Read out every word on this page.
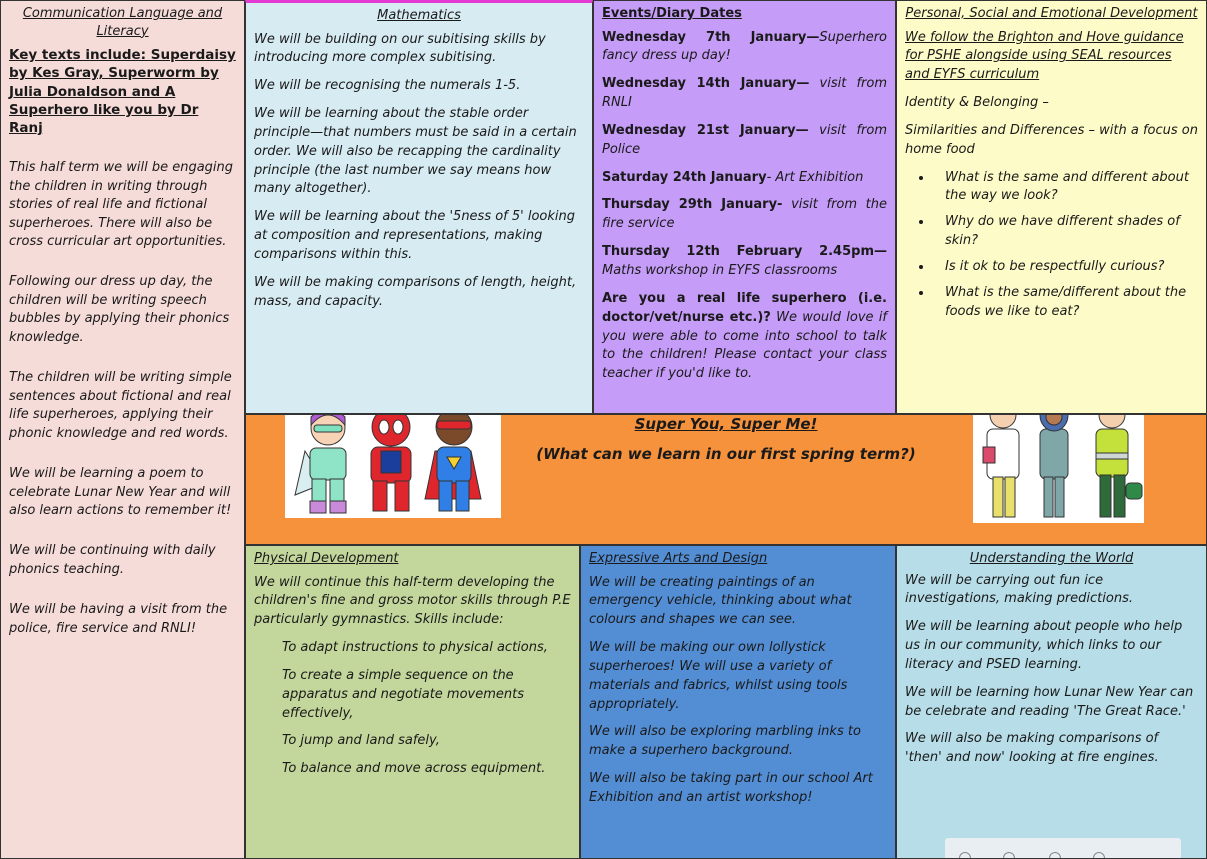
Communication Language and Literacy
Key texts include: Superdaisy by Kes Gray, Superworm by Julia Donaldson and A Superhero like you by Dr Ranj

This half term we will be engaging the children in writing through stories of real life and fictional superheroes. There will also be cross curricular art opportunities.

Following our dress up day, the children will be writing speech bubbles by applying their phonics knowledge.

The children will be writing simple sentences about fictional and real life superheroes, applying their phonic knowledge and red words.

We will be learning a poem to celebrate Lunar New Year and will also learn actions to remember it!

We will be continuing with daily phonics teaching.

We will be having a visit from the police, fire service and RNLI!

Mathematics

We will be building on our subitising skills by introducing more complex subitising.

We will be recognising the numerals 1-5.

We will be learning about the stable order principle—that numbers must be said in a certain order. We will also be recapping the cardinality principle (the last number we say means how many altogether).

We will be learning about the '5ness of 5' looking at composition and representations, making comparisons within this.

We will be making comparisons of length, height, mass, and capacity.

Events/Diary Dates

Wednesday 7th January—Superhero fancy dress up day!

Wednesday 14th January— visit from RNLI

Wednesday 21st January— visit from Police

Saturday 24th January- Art Exhibition

Thursday 29th January- visit from the fire service

Thursday 12th February 2.45pm— Maths workshop in EYFS classrooms

Are you a real life superhero (i.e. doctor/vet/nurse etc.)? We would love if you were able to come into school to talk to the children! Please contact your class teacher if you'd like to.

Personal, Social and Emotional Development

We follow the Brighton and Hove guidance for PSHE alongside using SEAL resources and EYFS curriculum

Identity & Belonging –

Similarities and Differences – with a focus on home food

• What is the same and different about the way we look?
• Why do we have different shades of skin?
• Is it ok to be respectfully curious?
• What is the same/different about the foods we like to eat?
Super You, Super Me!
(What can we learn in our first spring term?)
Physical Development

We will continue this half-term developing the children's fine and gross motor skills through P.E particularly gymnastics. Skills include:

To adapt instructions to physical actions,

To create a simple sequence on the apparatus and negotiate movements effectively,

To jump and land safely,

To balance and move across equipment.

Expressive Arts and Design

We will be creating paintings of an emergency vehicle, thinking about what colours and shapes we can see.

We will be making our own lollystick superheroes! We will use a variety of materials and fabrics, whilst using tools appropriately.

We will also be exploring marbling inks to make a superhero background.

We will also be taking part in our school Art Exhibition and an artist workshop!

Understanding the World

We will be carrying out fun ice investigations, making predictions.

We will be learning about people who help us in our community, which links to our literacy and PSED learning.

We will be learning how Lunar New Year can be celebrate and reading 'The Great Race.'

We will also be making comparisons of 'then' and now' looking at fire engines.
